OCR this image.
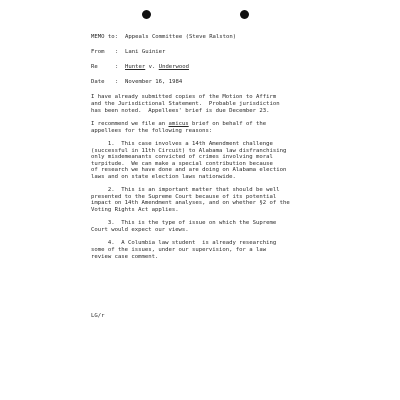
MEMO to:	Appeals Committee (Steve Ralston)
From	:	Lani Guinier
Re	:	Hunter v. Underwood
Date	:	November 16, 1984

I have already submitted copies of the Motion to Affirm
and the Jurisdictional Statement.  Probable jurisdiction
has been noted.  Appellees' brief is due December 23.

I recommend we file an amicus brief on behalf of the
appellees for the following reasons:

1.  This case involves a 14th Amendment challenge
(successful in 11th Circuit) to Alabama law disfranchising
only misdemeanants convicted of crimes involving moral
turpitude.  We can make a special contribution because
of research we have done and are doing on Alabama election
laws and on state election laws nationwide.

2.  This is an important matter that should be well
presented to the Supreme Court because of its potential
impact on 14th Amendment analyses, and on whether §2 of the
Voting Rights Act applies.

3.  This is the type of issue on which the Supreme
Court would expect our views.

4.  A Columbia law student  is already researching
some of the issues, under our supervision, for a law
review case comment.

LG/r
